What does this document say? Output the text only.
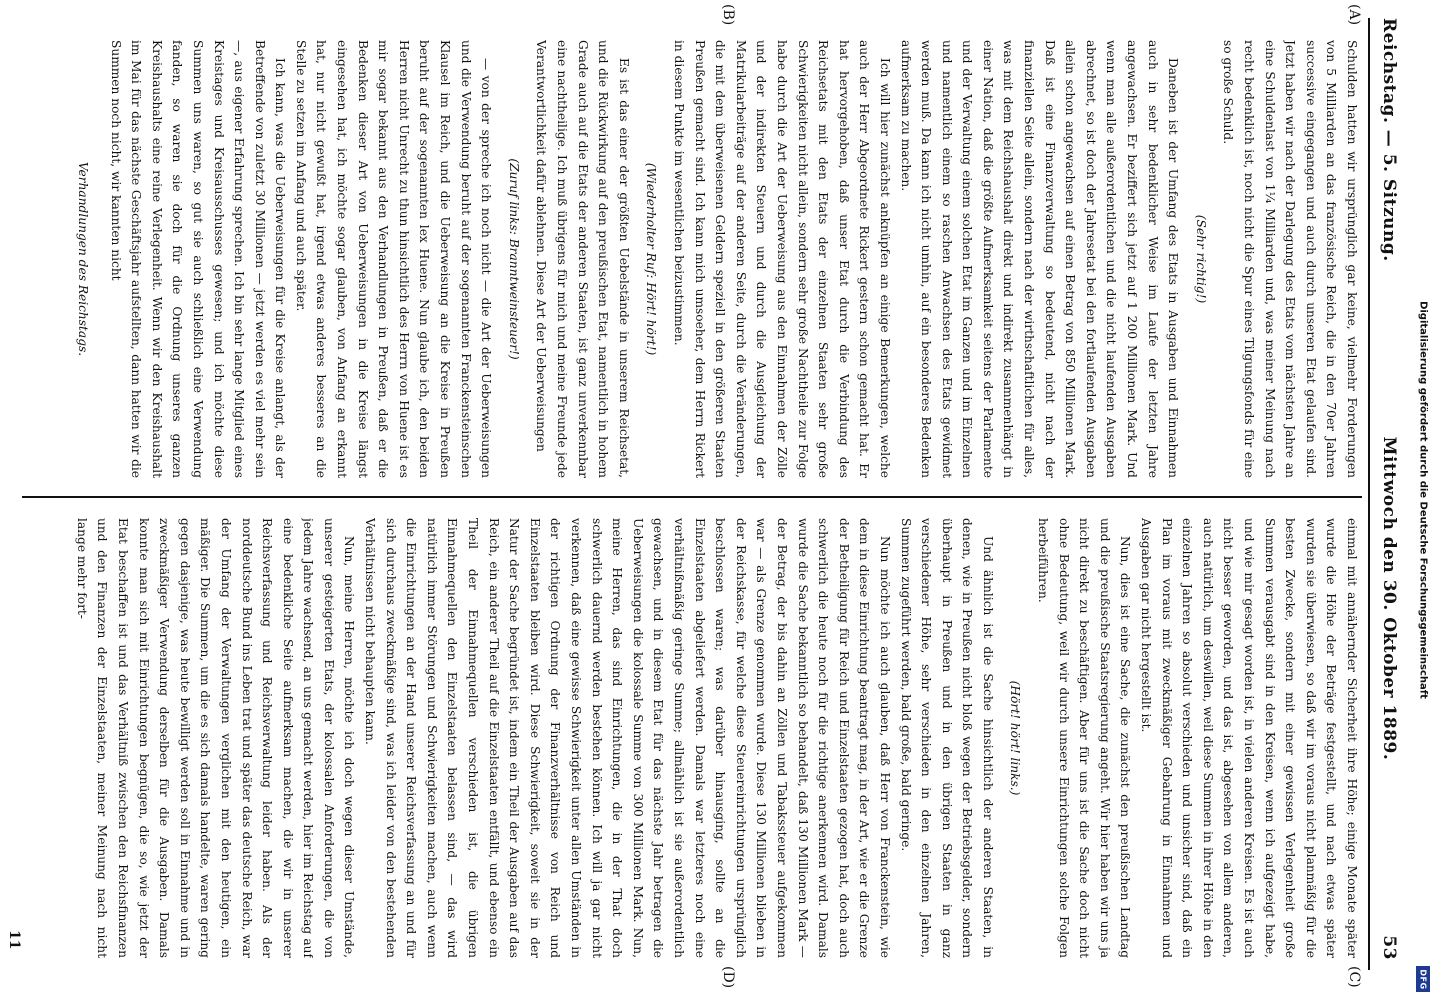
Reichstag. — 5. Sitzung.
Mittwoch den 30. Oktober 1889.
53
(A)
(B)
(C)
(D)

Schulden hatten wir ursprünglich gar keine, vielmehr Forderungen von 5 Milliarden an das französische Reich, die in den 70er Jahren successive eingegangen und auch durch unseren Etat gelaufen sind. Jetzt haben wir nach der Darlegung des Etats vom nächsten Jahre an eine Schuldenlast von 1¼ Milliarden und, was meiner Meinung nach recht bedenklich ist, noch nicht die Spur eines Tilgungsfonds für eine so große Schuld.

(Sehr richtig!)

Daneben ist der Umfang des Etats in Ausgaben und Einnahmen auch in sehr bedenklicher Weise im Laufe der letzten Jahre angewachsen. Er beziffert sich jetzt auf 1 200 Millionen Mark. Und wenn man alle außerordentlichen und die nicht laufenden Ausgaben abrechnet, so ist doch der Jahresetat bei den fortlaufenden Ausgaben allein schon angewachsen auf einen Betrag von 850 Millionen Mark. Daß ist eine Finanzverwaltung so bedeutend, nicht nach der finanziellen Seite allein, sondern nach der wirthschaftlichen für alles, was mit dem Reichshaushalt direkt und indirekt zusammenhängt in einer Nation, daß die größte Aufmerksamkeit seitens der Parlamente und der Verwaltung einem solchen Etat im Ganzen und im Einzelnen und namentlich einem so raschen Anwachsen des Etats gewidmet werden muß. Da kann ich nicht umhin, auf ein besonderes Bedenken aufmerksam zu machen.

Ich will hier zunächst anknüpfen an einige Bemerkungen, welche auch der Herr Abgeordnete Rickert gestern schon gemacht hat. Er hat hervorgehoben, daß unser Etat durch die Verbindung des Reichsetats mit den Etats der einzelnen Staaten sehr große Schwierigkeiten nicht allein, sondern sehr große Nachtheile zur Folge habe durch die Art der Ueberweisung aus den Einnahmen der Zölle und der indirekten Steuern und durch die Ausgleichung der Matrikularbeiträge auf der anderen Seite, durch die Veränderungen, die mit dem überweisenen Geldern speziell in den größeren Staaten Preußen gemacht sind. Ich kann mich umsoeher, dem Herrn Rickert in diesem Punkte im wesentlichen beizustimmen.

(Wiederholter Ruf: Hört! hört!)

Es ist das einer der größten Uebelstände in unserem Reichsetat, und die Rückwirkung auf den preußischen Etat, namentlich in hohem Grade auch auf die Etats der anderen Staaten, ist ganz unverkennbar eine nachtheilige. Ich muß übrigens für mich und meine Freunde jede Verantwortlichkeit dafür ablehnen. Diese Art der Ueberweisungen

(Zuruf links: Branntweinsteuer!)

— von der spreche ich noch nicht — die Art der Ueberweisungen und die Verwendung beruht auf der sogenannten Franckensteinschen Klausel im Reich, und die Ueberweisung an die Kreise in Preußen beruht auf der sogenannten lex Huene. Nun glaube ich, den beiden Herren nicht Unrecht zu thun hinsichtlich des Herrn von Huene ist es mir sogar bekannt aus den Verhandlungen in Preußen, daß er die Bedenken dieser Art von Ueberweisungen in die Kreise längst eingesehen hat, ich möchte sogar glauben, von Anfang an erkannt hat, nur nicht gewußt hat, irgend etwas anderes besseres an die Stelle zu setzen im Anfang und auch später.

Ich kann, was die Ueberweisungen für die Kreise anlangt, als der Betreffende von zuletzt 30 Millionen — jetzt werden es viel mehr sein —, aus eigener Erfahrung sprechen. Ich bin sehr lange Mitglied eines Kreistages und Kreisausschusses gewesen; und ich möchte diese Summen uns waren, so gut sie auch schließlich eine Verwendung fanden, so waren sie doch für die Ordnung unseres ganzen Kreishaushalts eine reine Verlegenheit. Wenn wir den Kreishaushalt im Mai für das nächste Geschäftsjahr aufstellten, dann hatten wir die Summen noch nicht, wir kannten nicht

Verhandlungen des Reichstags.

einmal mit annähernder Sicherheit ihre Höhe; einige Monate später wurde die Höhe der Beträge festgestellt, und nach etwas später wurden sie überwiesen, so daß wir im voraus nicht planmäßig für die besten Zwecke, sondern mit einer gewissen Verlegenheit große Summen verausgabt sind in den Kreisen, wenn ich aufgezeigt habe, und wie mir gesagt worden ist, in vielen anderen Kreisen. Es ist auch nicht besser geworden, und das ist, abgesehen von allem anderen, auch natürlich, um deswillen, weil diese Summen in ihrer Höhe in den einzelnen Jahren so absolut verschieden und unsicher sind, daß ein Plan im voraus mit zweckmäßiger Gebahrung in Einnahmen und Ausgaben gar nicht hergestellt ist.

Nun, dies ist eine Sache, die zunächst den preußischen Landtag und die preußische Staatsregierung angeht. Wir hier haben wir uns ja nicht direkt zu beschäftigen. Aber für uns ist die Sache doch nicht ohne Bedeutung, weil wir durch unsere Einrichtungen solche Folgen herbeiführen.

(Hört! hört! links.)

Und ähnlich ist die Sache hinsichtlich der anderen Staaten, in denen, wie in Preußen nicht bloß wegen der Betriebsgelder, sondern überhaupt in Preußen und in den übrigen Staaten in ganz verschiedener Höhe, sehr verschieden in den einzelnen Jahren, Summen zugeführt werden, bald große, bald geringe.

Nun möchte ich auch glauben, daß Herr von Franckenstein, wie dem in diese Einrichtung beantragt mag, in der Art, wie er die Grenze der Betheiligung für Reich und Einzelstaaten gezogen hat, doch auch schwerlich die heute noch für die richtige anerkennen wird. Damals wurde die Sache bekanntlich so behandelt, daß 130 Millionen Mark — der Betrag, der bis dahin an Zöllen und Tabakssteuer aufgekommen war — als Grenze genommen wurde. Diese 130 Millionen blieben in der Reichskasse, für welche diese Steuereinrichtungen ursprünglich beschlossen waren; was darüber hinausging, sollte an die Einzelstaaten abgeliefert werden. Damals war letzteres noch eine verhältnißmäßig geringe Summe; allmählich ist sie außerordentlich gewachsen, und in diesem Etat für das nächste Jahr betragen die Ueberweisungen die kolossale Summe von 300 Millionen Mark. Nun, meine Herren, das sind Einrichtungen, die in der That doch schwerlich dauernd werden bestehen können. Ich will ja gar nicht verkennen, daß eine gewisse Schwierigkeit unter allen Umständen in der richtigen Ordnung der Finanzverhältnisse von Reich und Einzelstaaten bleiben wird. Diese Schwierigkeit, soweit sie in der Natur der Sache begründet ist, indem ein Theil der Ausgaben auf das Reich, ein anderer Theil auf die Einzelstaaten entfällt, und ebenso ein Theil der Einnahmequellen verschieden ist, die übrigen Einnahmequellen den Einzelstaaten belassen sind, — das wird natürlich immer Störungen und Schwierigkeiten machen, auch wenn die Einrichtungen an der Hand unserer Reichsverfassung an und für sich durchaus zweckmäßige sind, was ich leider von den bestehenden Verhältnissen nicht behaupten kann.

Nun, meine Herren, möchte ich doch wegen dieser Umstände, unserer gesteigerten Etats, der kolossalen Anforderungen, die von jedem Jahre wachsend, an uns gemacht werden, hier im Reichstag auf eine bedenkliche Seite aufmerksam machen, die wir in unserer Reichsverfassung und Reichsverwaltung leider haben. Als der norddeutsche Bund ins Leben trat und später das deutsche Reich, war der Umfang der Verwaltungen verglichen mit den heutigen, ein mäßiger. Die Summen, um die es sich damals handelte, waren gering gegen dasjenige, was heute bewilligt werden soll in Einnahme und in zweckmäßiger Verwendung derselben für die Ausgaben. Damals konnte man sich mit Einrichtungen begnügen, die so, wie jetzt der Etat beschaffen ist und das Verhältniß zwischen den Reichsfinanzen und den Finanzen der Einzelstaaten, meiner Meinung nach nicht lange mehr fort-

11
Digitalisierung gefördert durch die Deutsche Forschungsgemeinschaft
DFG
